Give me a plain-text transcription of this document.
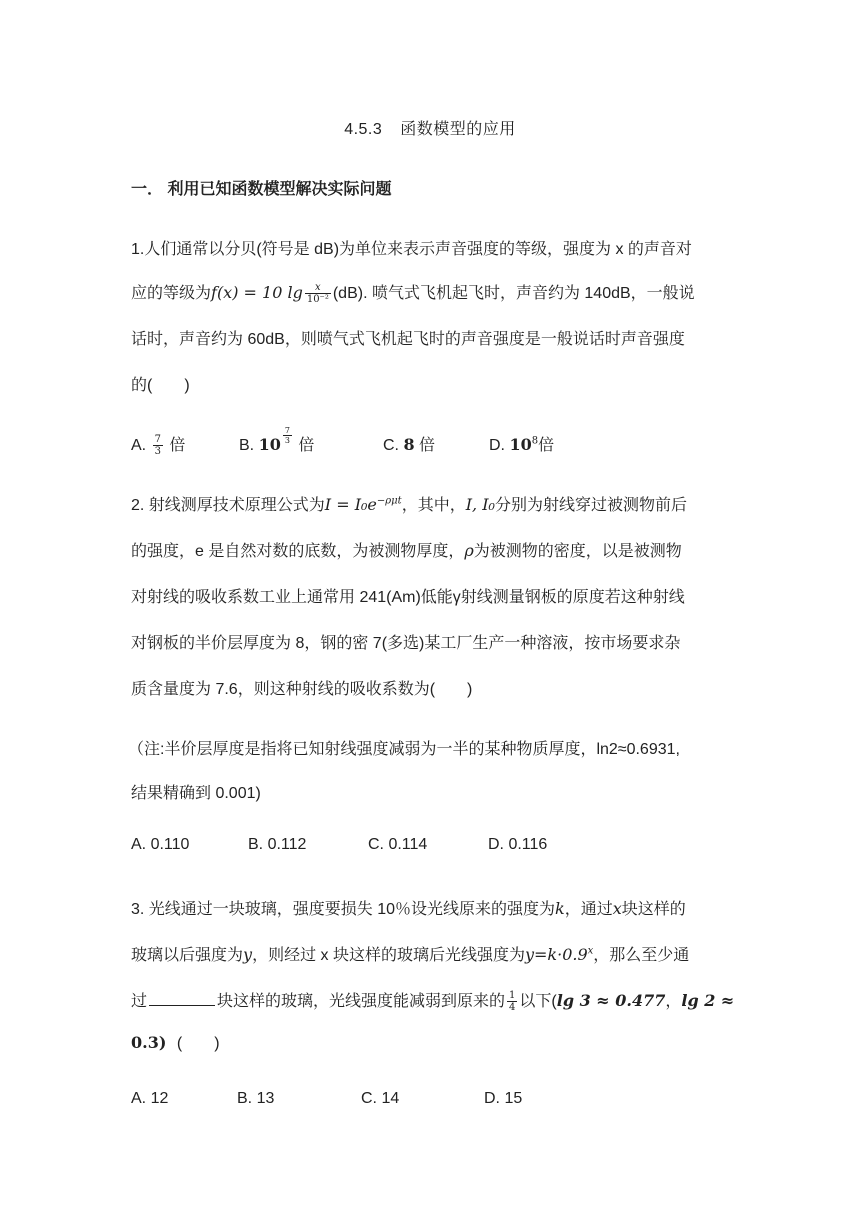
4.5.3 函数模型的应用
一． 利用已知函数模型解决实际问题
1.人们通常以分贝(符号是 dB)为单位来表示声音强度的等级，强度为 x 的声音对
应的等级为f(x) = 10 $\lg \frac{x}{\text{10⁻²}} (dB)$. 喷气式飞机起飞时，声音约为 140dB，一般说
话时，声音约为 60dB，则喷气式飞机起飞时的声音强度是一般说话时声音强度
的(　　)
A. $\frac{7}{3}$ 倍	B. 10 $^{\frac{7}{3}}$
倍	C. 8 倍	D. $10^8$倍
2. 射线测厚技术原理公式为$I = I_0e^{-\rho\mu t}$，其中，I, I₀分别为射线穿过被测物前后
的强度，e 是自然对数的底数，为被测物厚度，ρ为被测物的密度，以是被测物
对射线的吸收系数工业上通常用 241(Am)低能γ射线测量钢板的原度若这种射线
对钢板的半价层厚度为 8，钢的密 7(多选)某工厂生产一种溶液，按市场要求杂
质含量度为 7.6，则这种射线的吸收系数为(　　)
（注:半价层厚度是指将已知射线强度减弱为一半的某种物质厚度，ln2≈0.6931,
结果精确到 0.001)
A. 0.110	B. 0.112	C. 0.114	D. 0.116
3. 光线通过一块玻璃，强度要损失 10％设光线原来的强度为k，通过x块这样的
玻璃以后强度为y，则经过 x 块这样的玻璃后光线强度为$y=k\cdot 0.9^x$，那么至少通
过	块这样的玻璃，光线强度能减弱到原来的 $\frac{1}{4}$ 以下(lg 3 ≈ 0.477，lg 2 ≈
0.3) (　　)
A. 12	B. 13	C. 14	D. 15
